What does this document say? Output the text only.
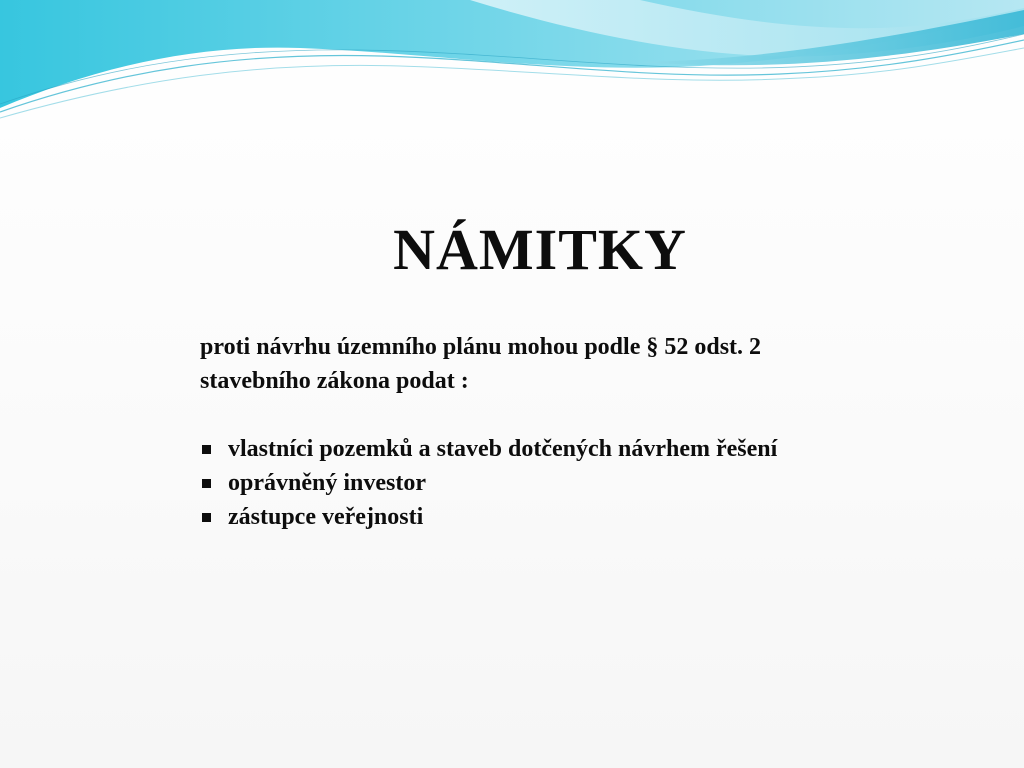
NÁMITKY

proti návrhu územního plánu mohou podle § 52 odst. 2
stavebního zákona podat :

vlastníci pozemků a staveb dotčených návrhem řešení
oprávněný investor
zástupce veřejnosti
